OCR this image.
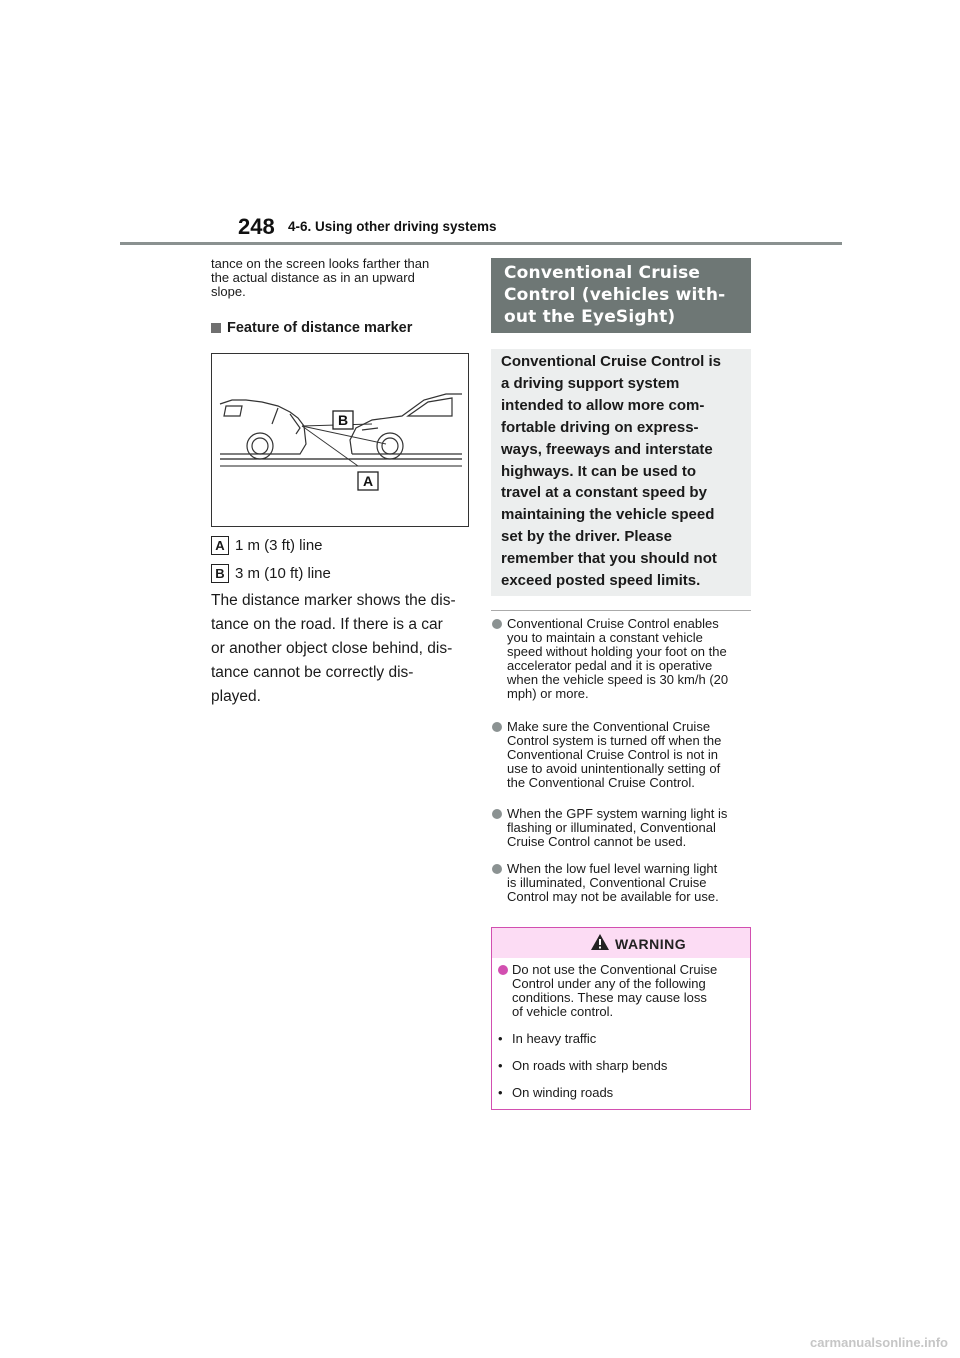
248 4-6. Using other driving systems
tance on the screen looks farther than
the actual distance as in an upward
slope.
Feature of distance marker
B
A
A 1 m (3 ft) line
B 3 m (10 ft) line
The distance marker shows the dis-
tance on the road. If there is a car
or another object close behind, dis-
tance cannot be correctly dis-
played.
Conventional Cruise
Control (vehicles with-
out the EyeSight)
Conventional Cruise Control is
a driving support system
intended to allow more com-
fortable driving on express-
ways, freeways and interstate
highways. It can be used to
travel at a constant speed by
maintaining the vehicle speed
set by the driver. Please
remember that you should not
exceed posted speed limits.
Conventional Cruise Control enables
you to maintain a constant vehicle
speed without holding your foot on the
accelerator pedal and it is operative
when the vehicle speed is 30 km/h (20
mph) or more.
Make sure the Conventional Cruise
Control system is turned off when the
Conventional Cruise Control is not in
use to avoid unintentionally setting of
the Conventional Cruise Control.
When the GPF system warning light is
flashing or illuminated, Conventional
Cruise Control cannot be used.
When the low fuel level warning light
is illuminated, Conventional Cruise
Control may not be available for use.
WARNING
Do not use the Conventional Cruise
Control under any of the following
conditions. These may cause loss
of vehicle control.
• In heavy traffic
• On roads with sharp bends
• On winding roads
carmanualsonline.info
